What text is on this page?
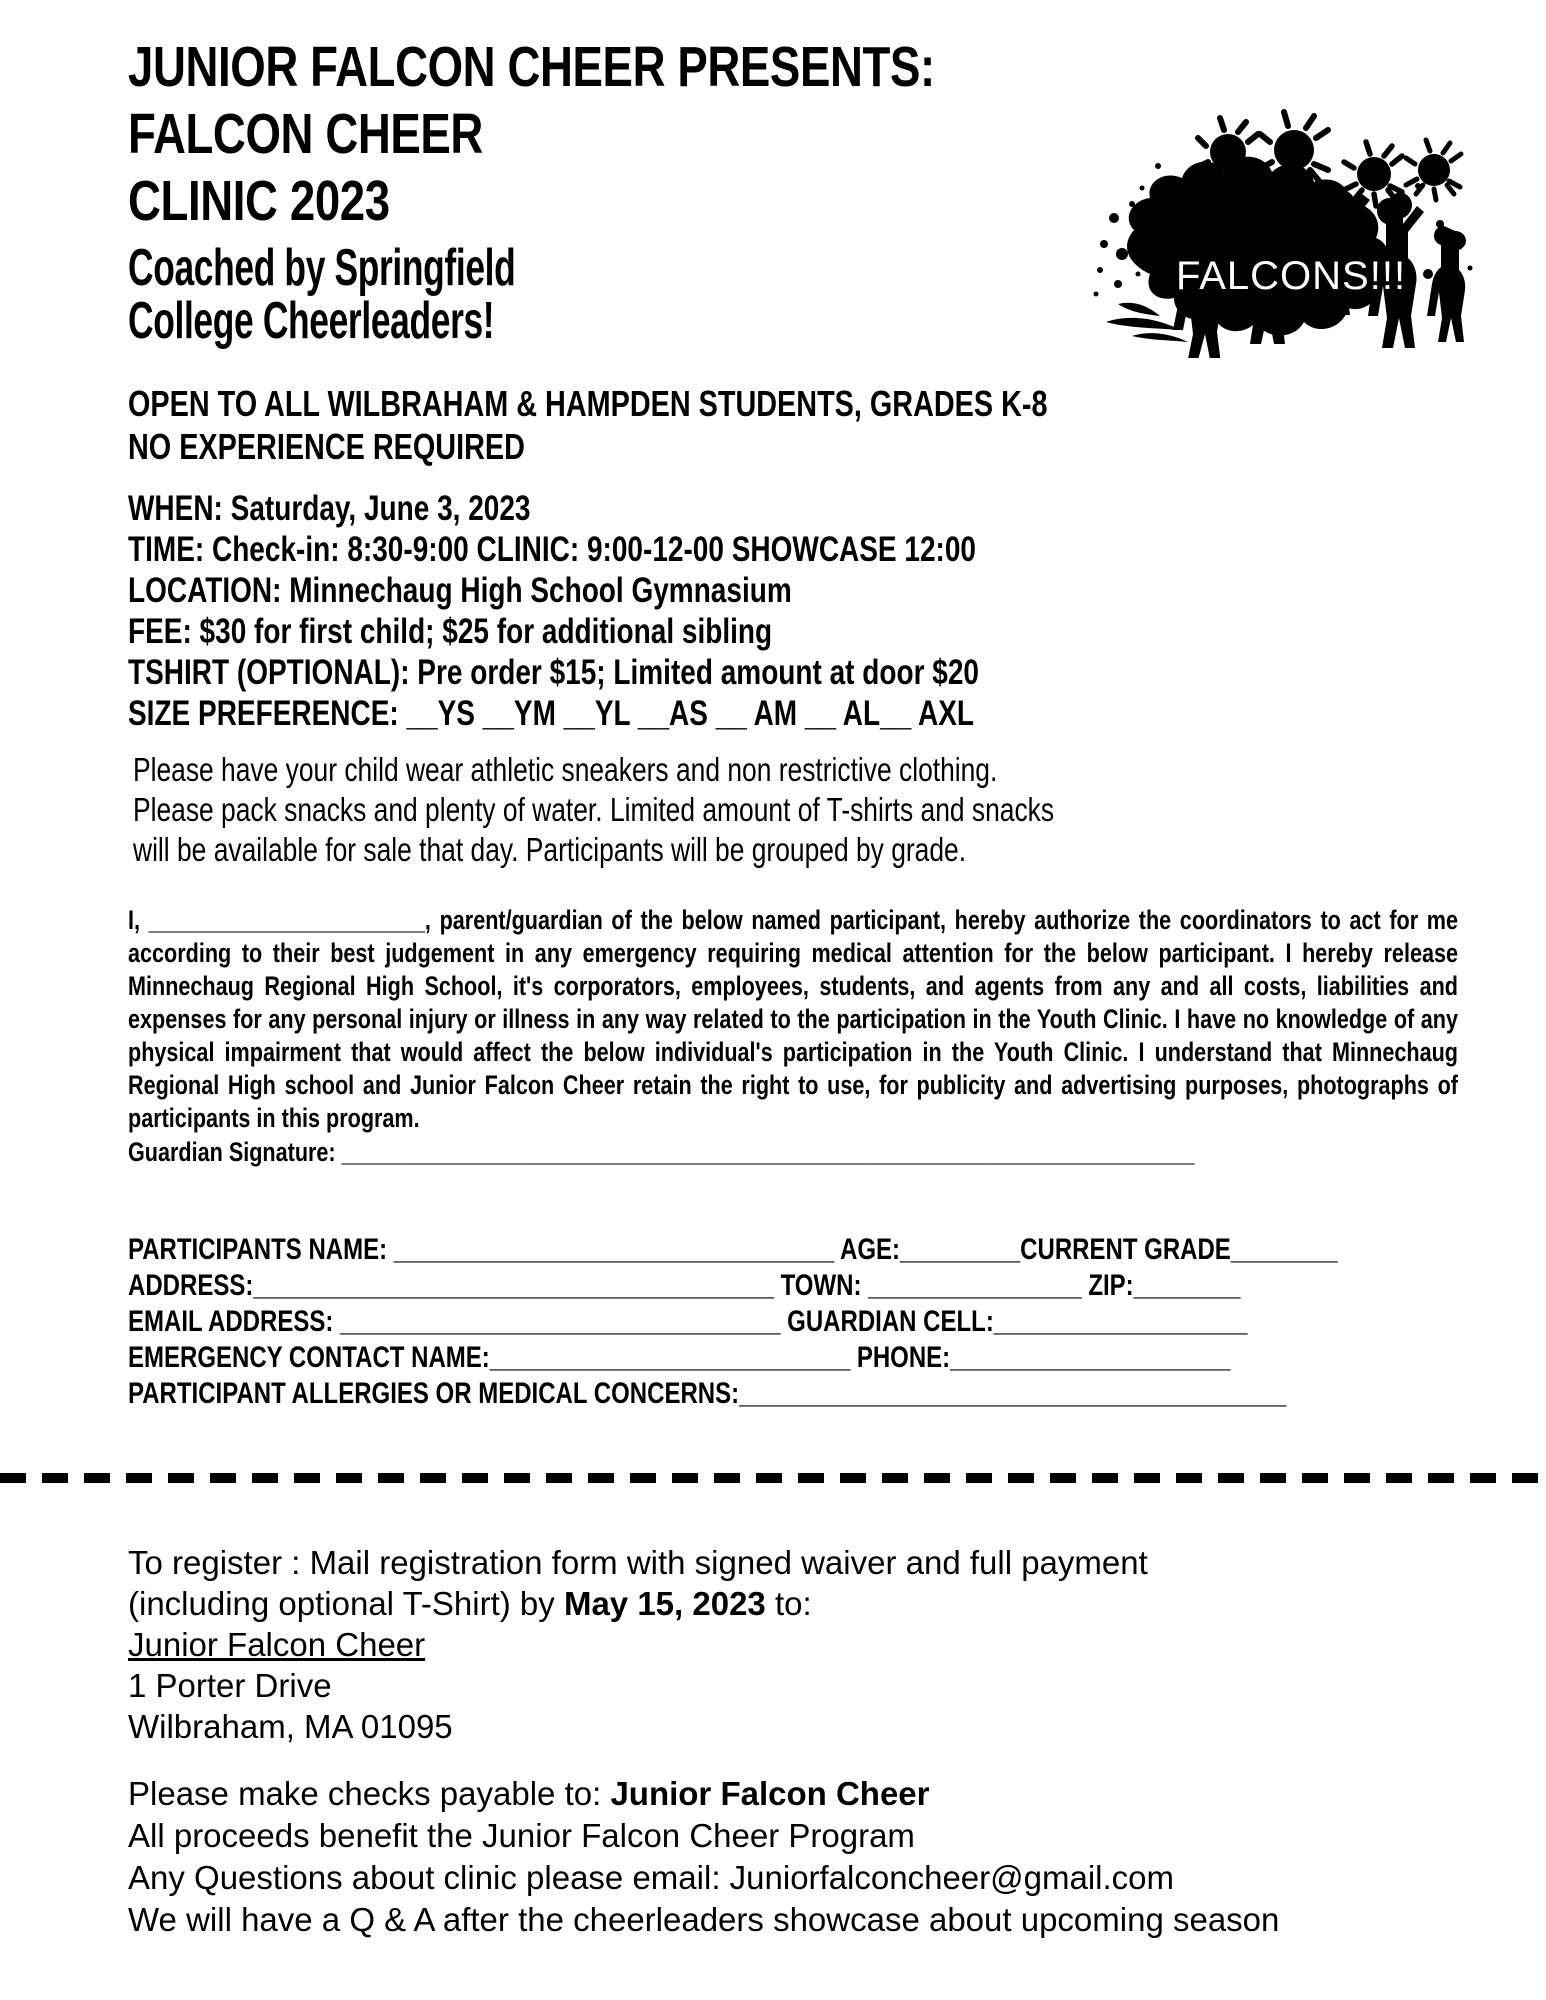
FALCONS!!!
JUNIOR FALCON CHEER PRESENTS:
FALCON CHEER
CLINIC 2023
Coached by Springfield
College Cheerleaders!
OPEN TO ALL WILBRAHAM & HAMPDEN STUDENTS, GRADES K-8
NO EXPERIENCE REQUIRED
WHEN: Saturday, June 3, 2023
TIME: Check-in: 8:30-9:00 CLINIC: 9:00-12-00 SHOWCASE 12:00
LOCATION: Minnechaug High School Gymnasium
FEE: $30 for first child; $25 for additional sibling
TSHIRT (OPTIONAL): Pre order $15; Limited amount at door $20
SIZE PREFERENCE: __YS __YM __YL __AS __ AM __ AL__ AXL
Please have your child wear athletic sneakers and non restrictive clothing.
Please pack snacks and plenty of water. Limited amount of T-shirts and snacks
will be available for sale that day. Participants will be grouped by grade.

I, _______________________, parent/guardian of the below named participant, hereby authorize the coordinators to act for me according to their best judgement in any emergency requiring medical attention for the below participant. I hereby release Minnechaug Regional High School, it's corporators, employees, students, and agents from any and all costs, liabilities and expenses for any personal injury or illness in any way related to the participation in the Youth Clinic. I have no knowledge of any physical impairment that would affect the below individual's participation in the Youth Clinic. I understand that Minnechaug Regional High school and Junior Falcon Cheer retain the right to use, for publicity and advertising purposes, photographs of participants in this program.

Guardian Signature: _______________________________________________________________________
PARTICIPANTS NAME: _________________________________ AGE:_________CURRENT GRADE________
ADDRESS:_______________________________________ TOWN: ________________ ZIP:________
EMAIL ADDRESS: _________________________________ GUARDIAN CELL:___________________
EMERGENCY CONTACT NAME:___________________________ PHONE:_____________________
PARTICIPANT ALLERGIES OR MEDICAL CONCERNS:_________________________________________
To register : Mail registration form with signed waiver and full payment
(including optional T-Shirt) by May 15, 2023 to:
Junior Falcon Cheer
1 Porter Drive
Wilbraham, MA 01095
Please make checks payable to: Junior Falcon Cheer
All proceeds benefit the Junior Falcon Cheer Program
Any Questions about clinic please email: Juniorfalconcheer@gmail.com
We will have a Q & A after the cheerleaders showcase about upcoming season
